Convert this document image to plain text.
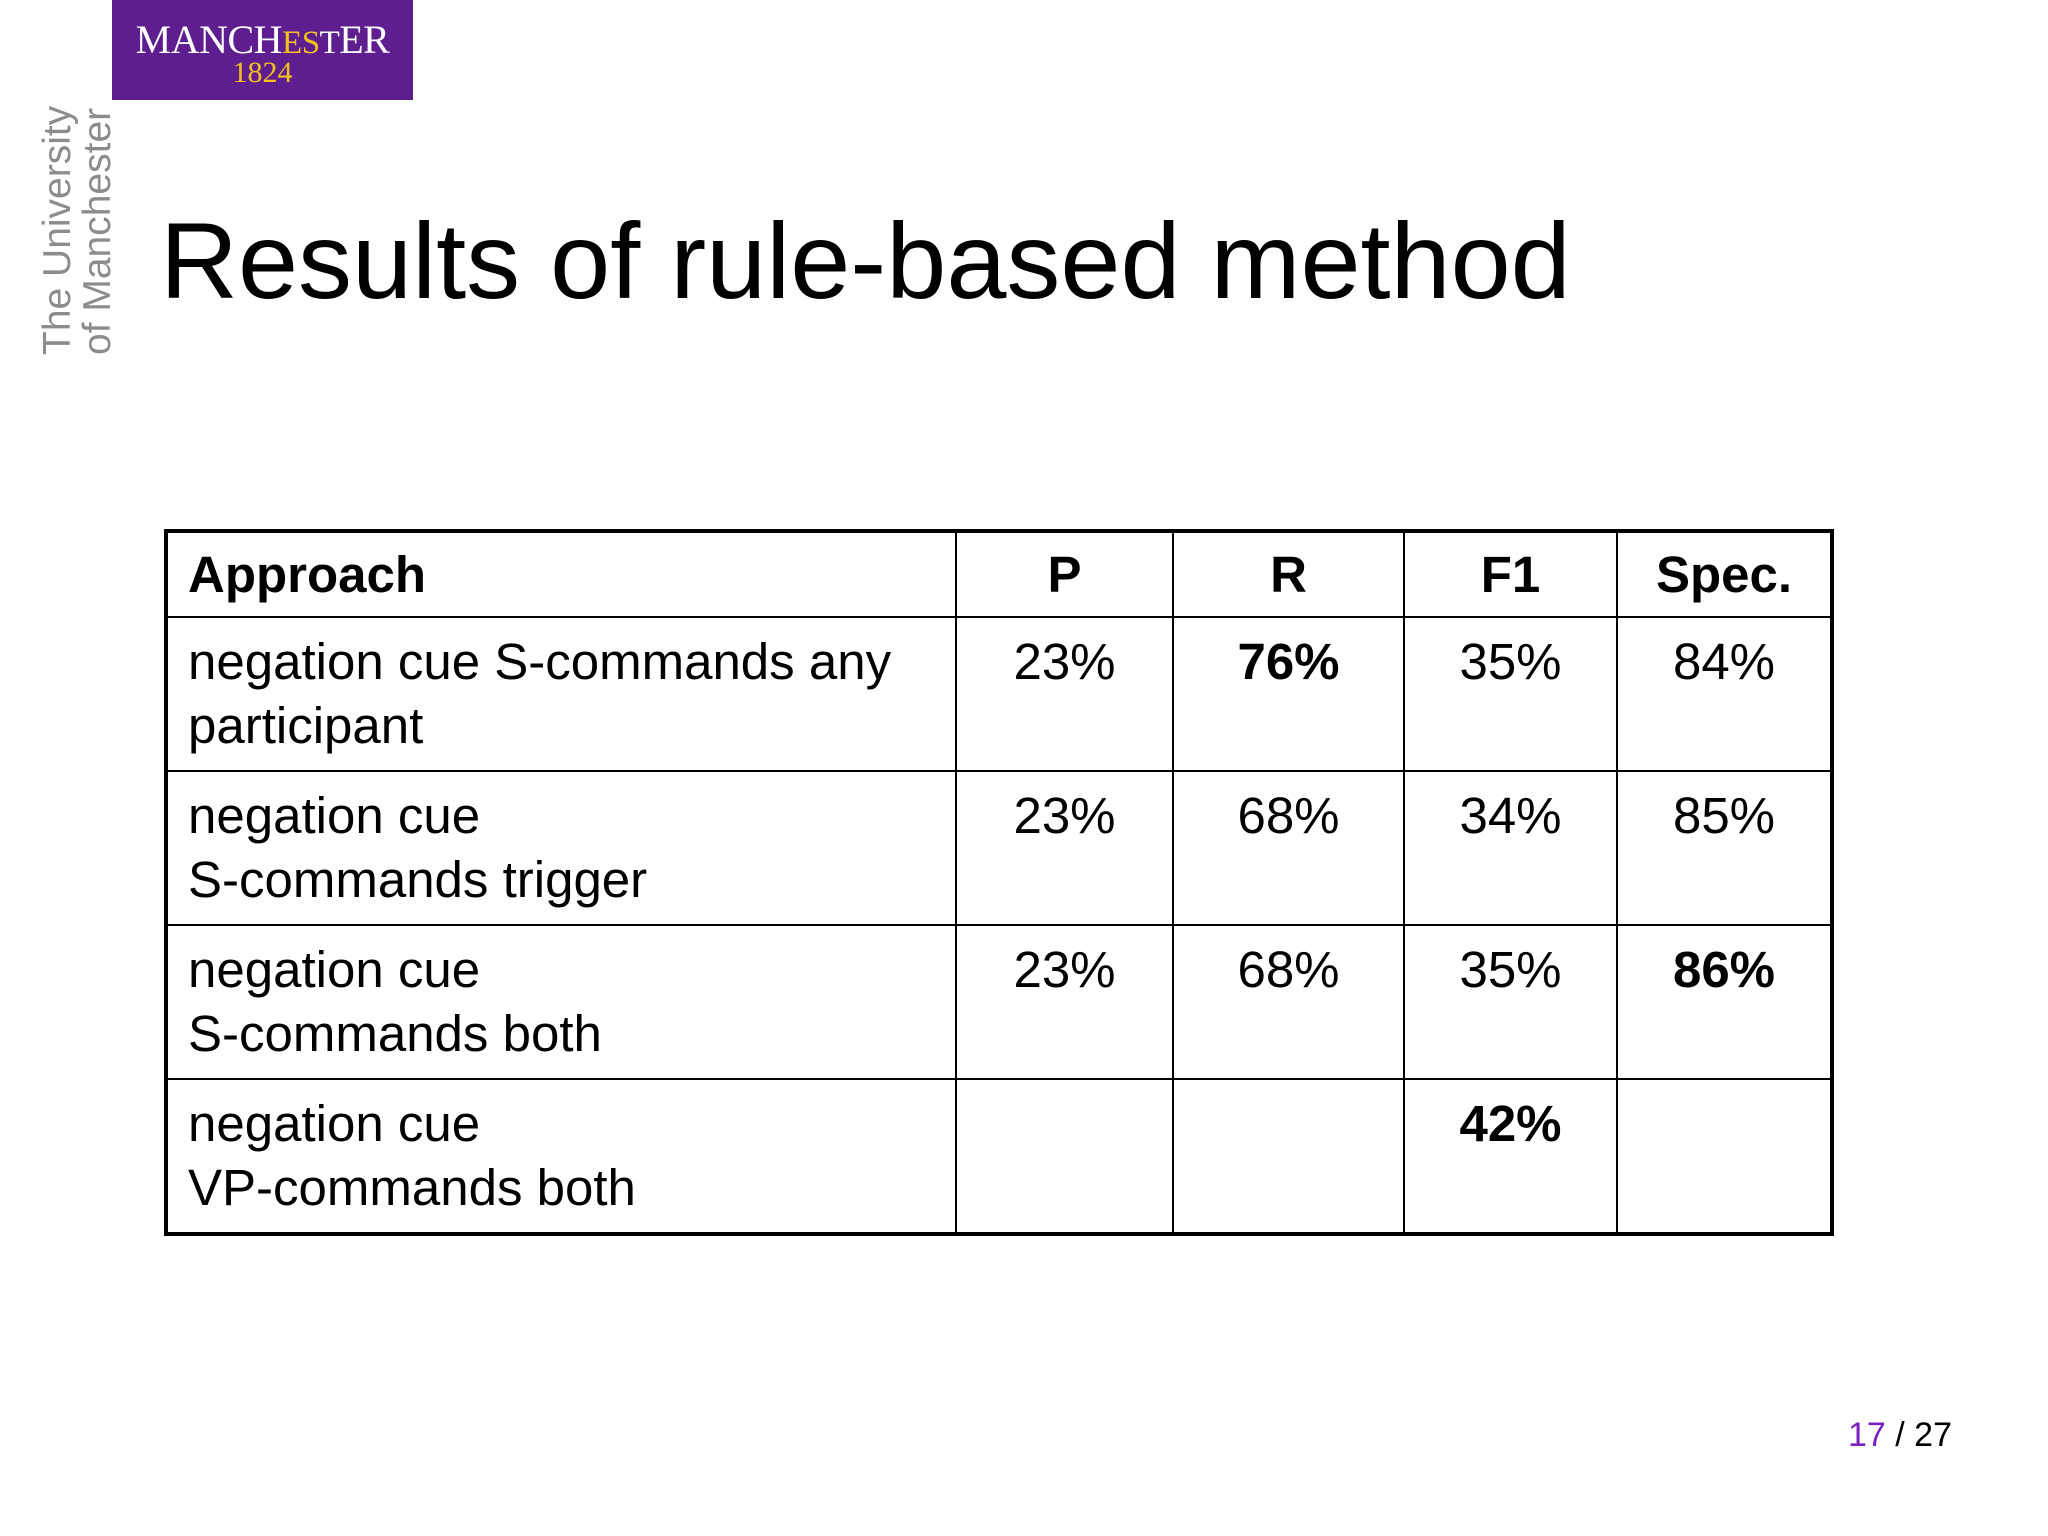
MANCHESTER
1824
The University
of Manchester Results of rule-based method
Approach	P	R	F1	Spec.
negation cue S-commands any participant	23%	76%	35%	84%
negation cue
S-commands trigger	23%	68%	34%	85%
negation cue
S-commands both	23%	68%	35%	86%
negation cue
VP-commands both			42%	
17 / 27
